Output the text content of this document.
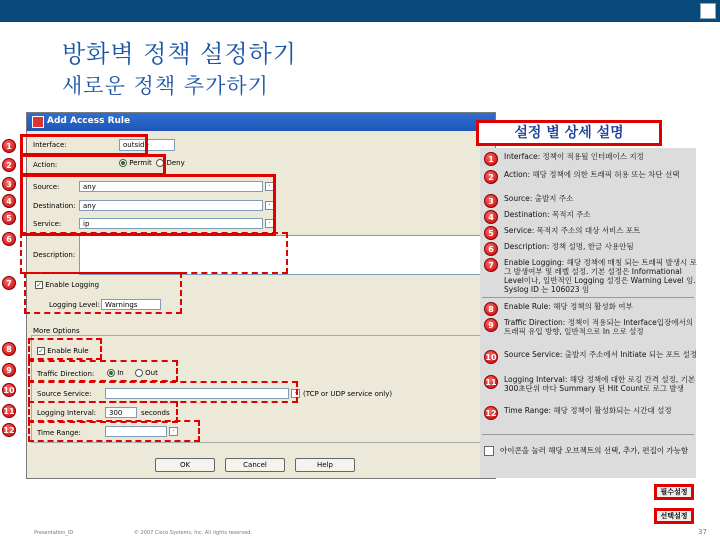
방화벽 정책 설정하기
새로운 정책 추가하기
Add Access Rule
Interface:	outside
Action:	Permit Deny
Source:	any	·
Destination:	any	·
Service:	ip	·
Description:
✓ Enable Logging
Logging Level: Warnings
More Options
✓ Enable Rule
Traffic Direction:	In	Out
Source Service:	· (TCP or UDP service only)
Logging Interval:	300	seconds
Time Range:	·
OK	Cancel	Help
1
2
3
4
5
6
7
8
9
10
11
12
설정 별 상세 설명
1	Interface: 정책이 적용될 인터페이스 지정
2	Action: 해당 정책에 의한 트래픽 허용 또는 차단 선택
3	Source: 출발지 주소
4	Destination: 목적지 주소
5	Service: 목적지 주소의 대상 서비스 포트
6	Description: 정책 설명, 한글 사용안됨
7	Enable Logging: 해당 정책에 매칭 되는 트래픽 발생시 로그 발생여부 및 레벨 설정. 기본 설정은 Informational Level이나, 일반적인 Logging 설정은 Warning Level 임. Syslog ID 는 106023 임
8	Enable Rule: 해당 정책의 활성화 여부
9	Traffic Direction: 정책이 적용되는 Interface입장에서의 트래픽 유입 방향, 일반적으로 In 으로 설정
10 Source Service: 출발지 주소에서 Initiate 되는 포트 설정
11 Logging Interval: 해당 정책에 대한 로깅 간격 설정, 기본 300초단위 마다 Summary 된 Hit Count로 로그 발생
12 Time Range: 해당 정책이 활성화되는 시간대 설정
아이콘을 눌러 해당 오브젝트의 선택, 추가, 편집이 가능함
필수설정
선택설정
Presentation_ID	© 2007 Cisco Systems, Inc. All rights reserved.	37
